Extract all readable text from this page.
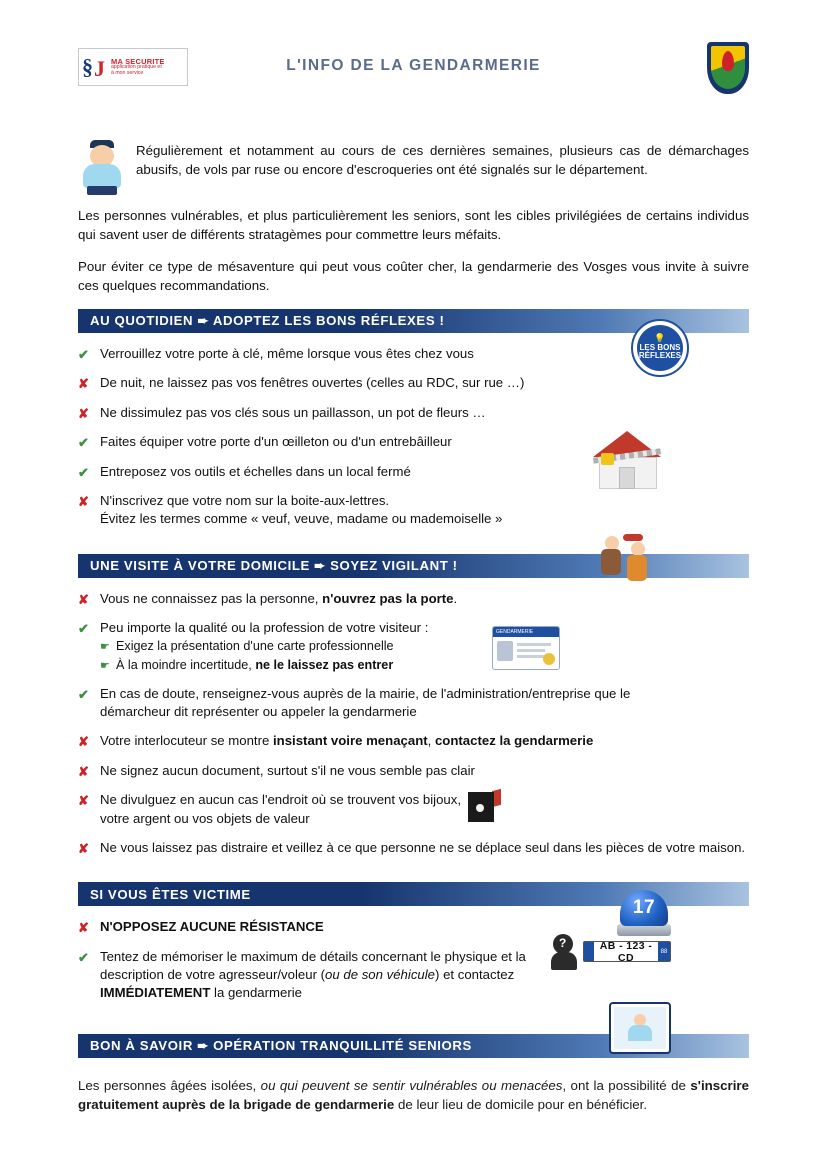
§ J MA SECURITE
application pratique et
à mon service	L'INFO DE LA GENDARMERIE

Régulièrement et notamment au cours de ces dernières semaines, plusieurs cas de démarchages abusifs, de vols par ruse ou encore d'escroqueries ont été signalés sur le département.

Les personnes vulnérables, et plus particulièrement les seniors, sont les cibles privilégiées de certains individus qui savent user de différents stratagèmes pour commettre leurs méfaits.

Pour éviter ce type de mésaventure qui peut vous coûter cher, la gendarmerie des Vosges vous invite à suivre ces quelques recommandations.

AU QUOTIDIEN ➨ ADOPTEZ LES BONS RÉFLEXES !
💡
LES BONS
RÉFLEXES
✔ Verrouillez votre porte à clé, même lorsque vous êtes chez vous
✘ De nuit, ne laissez pas vos fenêtres ouvertes (celles au RDC, sur rue …)
✘ Ne dissimulez pas vos clés sous un paillasson, un pot de fleurs …
✔ Faites équiper votre porte d'un œilleton ou d'un entrebâilleur
✔ Entreposez vos outils et échelles dans un local fermé
✘ N'inscrivez que votre nom sur la boite-aux-lettres.
Évitez les termes comme « veuf, veuve, madame ou mademoiselle »
UNE VISITE À VOTRE DOMICILE ➨ SOYEZ VIGILANT !
GENDARMERIE
✘ Vous ne connaissez pas la personne, n'ouvrez pas la porte.
✔ Peu importe la qualité ou la profession de votre visiteur :
☛ Exigez la présentation d'une carte professionnelle
☛ À la moindre incertitude, ne le laissez pas entrer
✔ En cas de doute, renseignez-vous auprès de la mairie, de l'administration/entreprise que le démarcheur dit représenter ou appeler la gendarmerie
✘ Votre interlocuteur se montre insistant voire menaçant, contactez la gendarmerie
✘ Ne signez aucun document, surtout s'il ne vous semble pas clair
✘ Ne divulguez en aucun cas l'endroit où se trouvent vos bijoux,
votre argent ou vos objets de valeur
✘ Ne vous laissez pas distraire et veillez à ce que personne ne se déplace seul dans les pièces de votre maison.
SI VOUS ÊTES VICTIME
17
?	AB - 123 - CD	88
✘ N'OPPOSEZ AUCUNE RÉSISTANCE
✔ Tentez de mémoriser le maximum de détails concernant le physique et la description de votre agresseur/voleur (ou de son véhicule) et contactez IMMÉDIATEMENT la gendarmerie
BON À SAVOIR ➨ OPÉRATION TRANQUILLITÉ SENIORS
Les personnes âgées isolées, ou qui peuvent se sentir vulnérables ou menacées, ont la possibilité de s'inscrire gratuitement auprès de la brigade de gendarmerie de leur lieu de domicile pour en bénéficier.
